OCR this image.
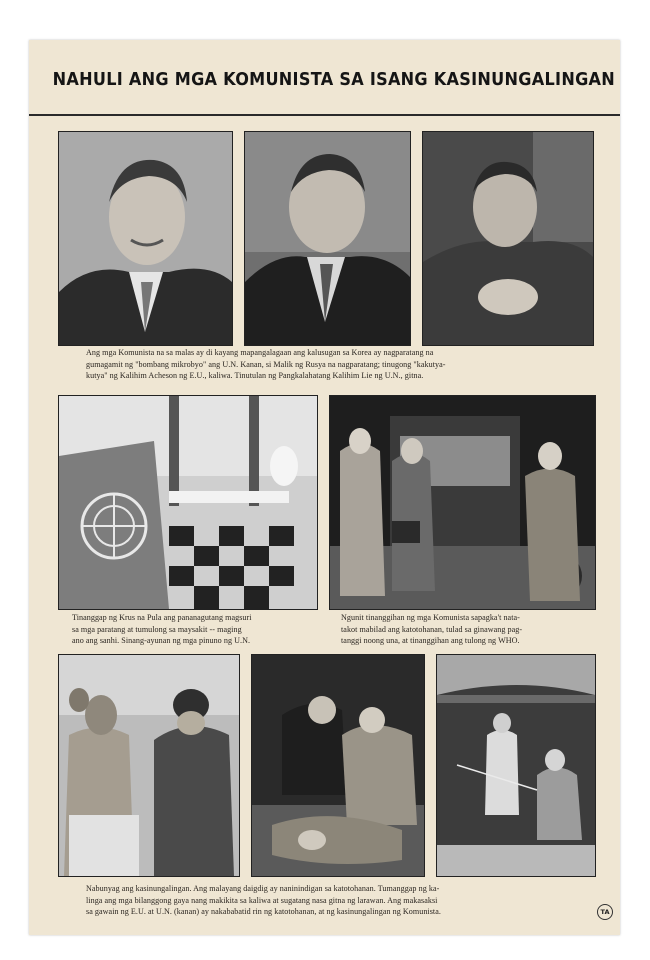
NAHULI ANG MGA KOMUNISTA SA ISANG KASINUNGALINGAN
Ang mga Komunista na sa malas ay di kayang mapangalagaan ang kalusugan sa Korea ay nagparatang na
gumagamit ng "bombang mikrobyo" ang U.N. Kanan, si Malik ng Rusya na nagparatang; tinugong "kakutya-
kutya" ng Kalihim Acheson ng E.U., kaliwa. Tinutulan ng Pangkalahatang Kalihim Lie ng U.N., gitna.
Tinanggap ng Krus na Pula ang pananagutang magsuri
sa mga paratang at tumulong sa maysakit -- maging
ano ang sanhi. Sinang-ayunan ng mga pinuno ng U.N.
Ngunit tinanggihan ng mga Komunista sapagka't nata-
takot mabilad ang katotohanan, tulad sa ginawang pag-
tanggi noong una, at tinanggihan ang tulong ng WHO.
Nabunyag ang kasinungalingan. Ang malayang daigdig ay naninindigan sa katotohanan. Tumanggap ng ka-
linga ang mga bilanggong gaya nang makikita sa kaliwa at sugatang nasa gitna ng larawan. Ang makasaksi
sa gawain ng E.U. at U.N. (kanan) ay nakababatid rin ng katotohanan, at ng kasinungalingan ng Komunista.	TA
